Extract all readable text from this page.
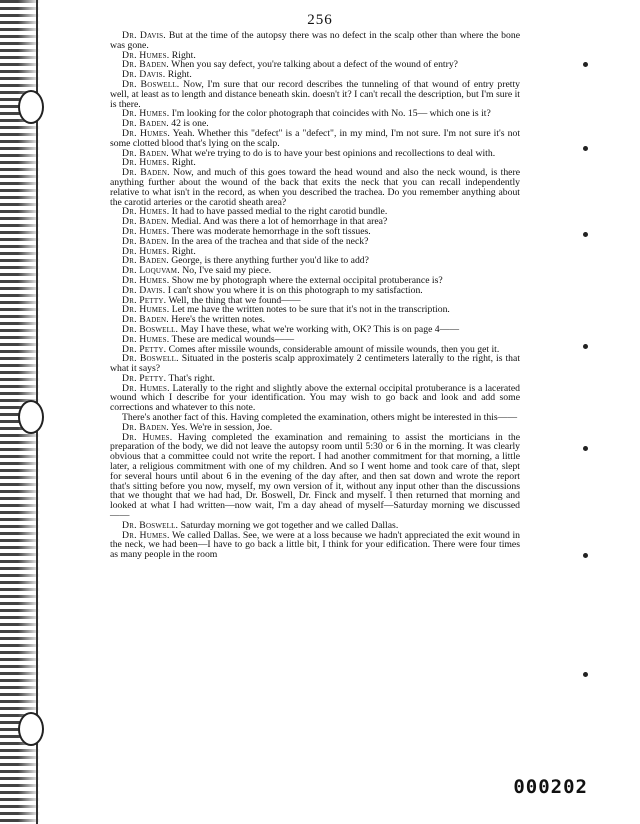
256

Dr. Davis. But at the time of the autopsy there was no defect in the scalp other than where the bone was gone.

Dr. Humes. Right.

Dr. Baden. When you say defect, you're talking about a defect of the wound of entry?

Dr. Davis. Right.

Dr. Boswell. Now, I'm sure that our record describes the tunneling of that wound of entry pretty well, at least as to length and distance beneath skin. doesn't it? I can't recall the description, but I'm sure it is there.

Dr. Humes. I'm looking for the color photograph that coincides with No. 15— which one is it?

Dr. Baden. 42 is one.

Dr. Humes. Yeah. Whether this "defect" is a "defect", in my mind, I'm not sure. I'm not sure it's not some clotted blood that's lying on the scalp.

Dr. Baden. What we're trying to do is to have your best opinions and recollections to deal with.

Dr. Humes. Right.

Dr. Baden. Now, and much of this goes toward the head wound and also the neck wound, is there anything further about the wound of the back that exits the neck that you can recall independently relative to what isn't in the record, as when you described the trachea. Do you remember anything about the carotid arteries or the carotid sheath area?

Dr. Humes. It had to have passed medial to the right carotid bundle.

Dr. Baden. Medial. And was there a lot of hemorrhage in that area?

Dr. Humes. There was moderate hemorrhage in the soft tissues.

Dr. Baden. In the area of the trachea and that side of the neck?

Dr. Humes. Right.

Dr. Baden. George, is there anything further you'd like to add?

Dr. Loquvam. No, I've said my piece.

Dr. Humes. Show me by photograph where the external occipital protuberance is?

Dr. Davis. I can't show you where it is on this photograph to my satisfaction.

Dr. Petty. Well, the thing that we found——

Dr. Humes. Let me have the written notes to be sure that it's not in the transcription.

Dr. Baden. Here's the written notes.

Dr. Boswell. May I have these, what we're working with, OK? This is on page 4——

Dr. Humes. These are medical wounds——

Dr. Petty. Comes after missile wounds, considerable amount of missile wounds, then you get it.

Dr. Boswell. Situated in the posteris scalp approximately 2 centimeters laterally to the right, is that what it says?

Dr. Petty. That's right.

Dr. Humes. Laterally to the right and slightly above the external occipital protuberance is a lacerated wound which I describe for your identification. You may wish to go back and look and add some corrections and whatever to this note.

There's another fact of this. Having completed the examination, others might be interested in this——

Dr. Baden. Yes. We're in session, Joe.

Dr. Humes. Having completed the examination and remaining to assist the morticians in the preparation of the body, we did not leave the autopsy room until 5:30 or 6 in the morning. It was clearly obvious that a committee could not write the report. I had another commitment for that morning, a little later, a religious commitment with one of my children. And so I went home and took care of that, slept for several hours until about 6 in the evening of the day after, and then sat down and wrote the report that's sitting before you now, myself, my own version of it, without any input other than the discussions that we thought that we had had, Dr. Boswell, Dr. Finck and myself. I then returned that morning and looked at what I had written—now wait, I'm a day ahead of myself—Saturday morning we discussed——

Dr. Boswell. Saturday morning we got together and we called Dallas.

Dr. Humes. We called Dallas. See, we were at a loss because we hadn't appreciated the exit wound in the neck, we had been—I have to go back a little bit, I think for your edification. There were four times as many people in the room

000202
